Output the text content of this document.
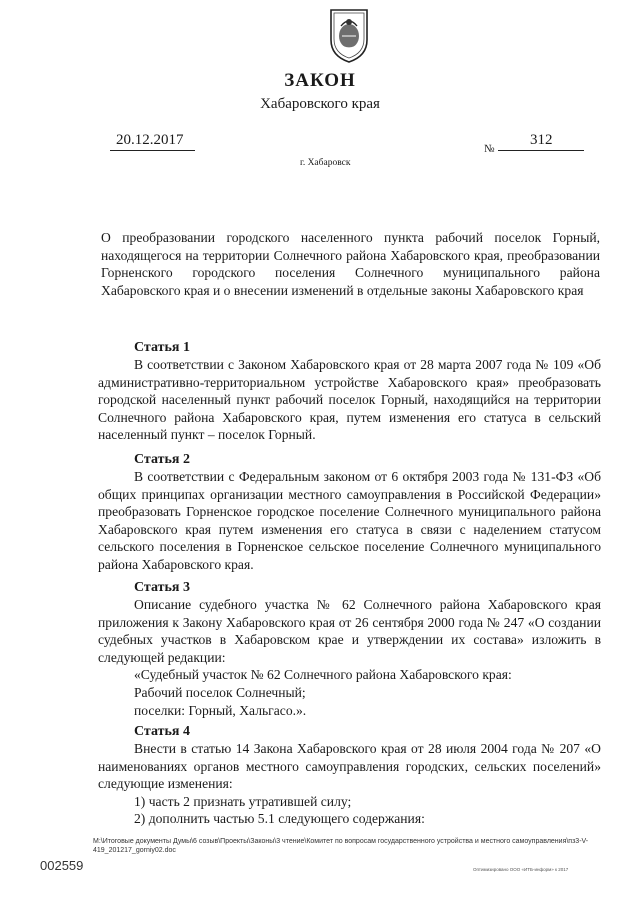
ЗАКОН
Хабаровского края
20.12.2017
г. Хабаровск
№
312
О преобразовании городского населенного пункта рабочий поселок Горный, находящегося на территории Солнечного района Хабаровского края, преобразовании Горненского городского поселения Солнечного муниципального района Хабаровского края и о внесении изменений в отдельные законы Хабаровского края
Статья 1
В соответствии с Законом Хабаровского края от 28 марта 2007 года № 109 «Об административно-территориальном устройстве Хабаровского края» преобразовать городской населенный пункт рабочий поселок Горный, находящийся на территории Солнечного района Хабаровского края, путем изменения его статуса в сельский населенный пункт – поселок Горный.
Статья 2
В соответствии с Федеральным законом от 6 октября 2003 года № 131-ФЗ «Об общих принципах организации местного самоуправления в Российской Федерации» преобразовать Горненское городское поселение Солнечного муниципального района Хабаровского края путем изменения его статуса в связи с наделением статусом сельского поселения в Горненское сельское поселение Солнечного муниципального района Хабаровского края.
Статья 3
Описание судебного участка № 62 Солнечного района Хабаровского края приложения к Закону Хабаровского края от 26 сентября 2000 года № 247 «О создании судебных участков в Хабаровском крае и утверждении их состава» изложить в следующей редакции:
«Судебный участок № 62 Солнечного района Хабаровского края:
Рабочий поселок Солнечный;
поселки: Горный, Хальгасо.».
Статья 4
Внести в статью 14 Закона Хабаровского края от 28 июля 2004 года № 207 «О наименованиях органов местного самоуправления городских, сельских поселений» следующие изменения:
1) часть 2 признать утратившей силу;
2) дополнить частью 5.1 следующего содержания:
M:\Итоговые документы Думы\6 созыв\Проекты\Законы\3 чтение\Комитет по вопросам государственного устройства и местного самоуправления\пз3-V-419_201217_gorniy02.doc
002559	Оптимизировано ООО «ИТБ-информ» к 2017
